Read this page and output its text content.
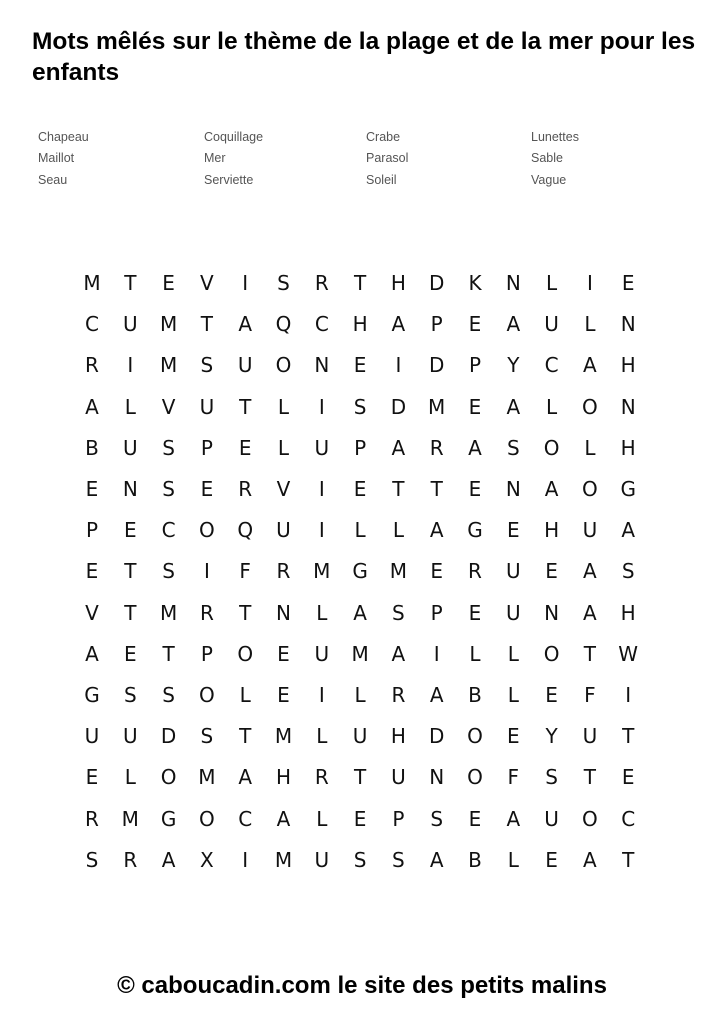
Mots mêlés sur le thème de la plage et de la mer pour les enfants
Chapeau	Coquillage	Crabe	Lunettes
Maillot	Mer	Parasol	Sable
Seau	Serviette	Soleil	Vague
M	T	E	V	I	S	R	T	H	D	K	N	L	I	E
C	U	M	T	A	Q	C	H	A	P	E	A	U	L	N
R	I	M	S	U	O	N	E	I	D	P	Y	C	A	H
A	L	V	U	T	L	I	S	D	M	E	A	L	O	N
B	U	S	P	E	L	U	P	A	R	A	S	O	L	H
E	N	S	E	R	V	I	E	T	T	E	N	A	O	G
P	E	C	O	Q	U	I	L	L	A	G	E	H	U	A
E	T	S	I	F	R	M	G	M	E	R	U	E	A	S
V	T	M	R	T	N	L	A	S	P	E	U	N	A	H
A	E	T	P	O	E	U	M	A	I	L	L	O	T	W
G	S	S	O	L	E	I	L	R	A	B	L	E	F	I
U	U	D	S	T	M	L	U	H	D	O	E	Y	U	T
E	L	O	M	A	H	R	T	U	N	O	F	S	T	E
R	M	G	O	C	A	L	E	P	S	E	A	U	O	C
S	R	A	X	I	M	U	S	S	A	B	L	E	A	T

© caboucadin.com le site des petits malins
